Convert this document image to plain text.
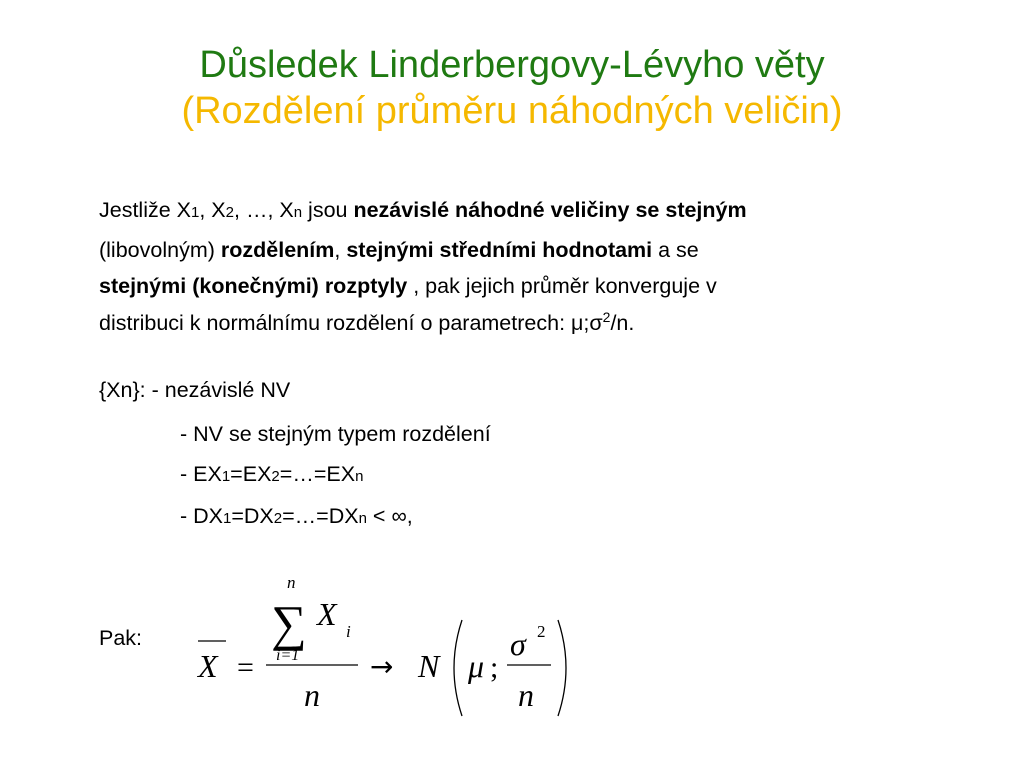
Důsledek Linderbergovy-Lévyho věty
(Rozdělení průměru náhodných veličin)
Jestliže X1, X2, …, Xn jsou nezávislé náhodné veličiny se stejným
(libovolným) rozdělením, stejnými středními hodnotami a se
stejnými (konečnými) rozptyly , pak jejich průměr konverguje v
distribuci k normálnímu rozdělení o parametrech: $\mu;\sigma^2/n$.
{Xn}: - nezávislé NV
- NV se stejným typem rozdělení
- EX1=EX2=…=EXn
- DX1=DX2=…=DXn < ∞,
Pak:
X =
n
∑
i=1
X i
n
→ N μ ;
σ 2
n
